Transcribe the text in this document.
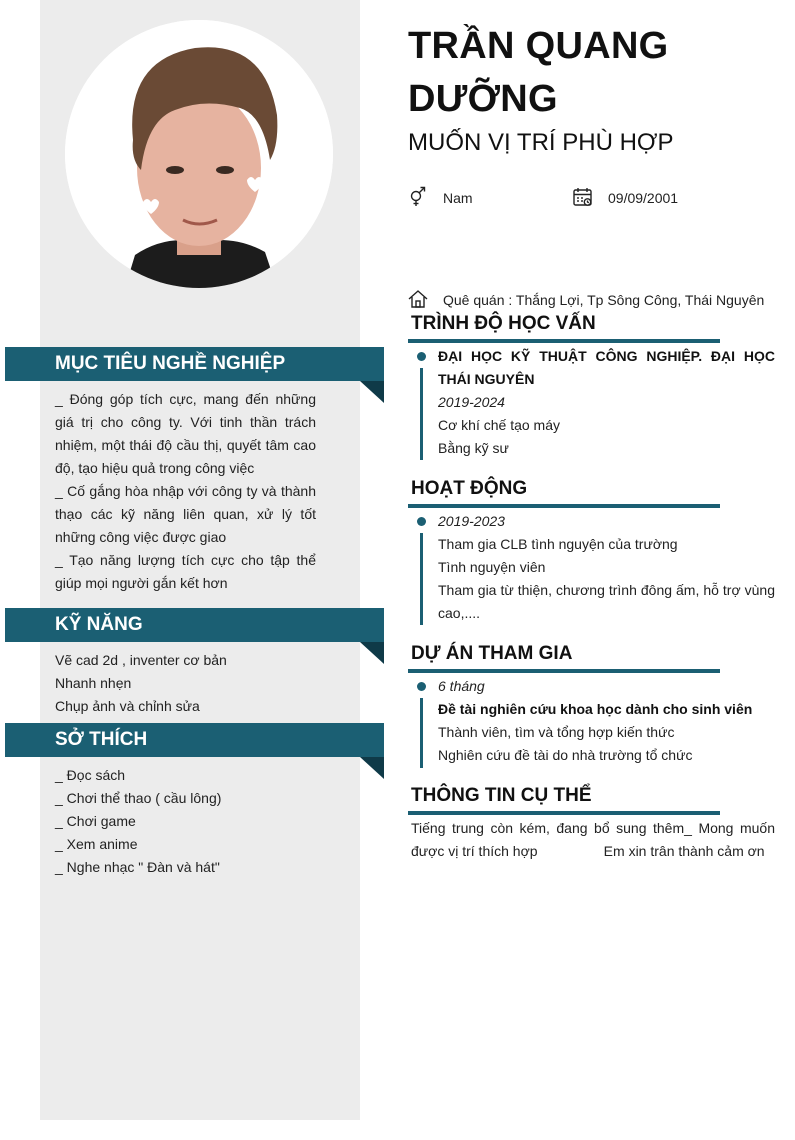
MỤC TIÊU NGHỀ NGHIỆP
_ Đóng góp tích cực, mang đến những giá trị cho công ty. Với tinh thần trách nhiệm, một thái độ cầu thị, quyết tâm cao độ, tạo hiệu quả trong công việc
_ Cố gắng hòa nhập với công ty và thành thạo các kỹ năng liên quan, xử lý tốt những công việc được giao
_ Tạo năng lượng tích cực cho tập thể giúp mọi người gắn kết hơn
KỸ NĂNG
Vẽ cad 2d , inventer cơ bản
Nhanh nhẹn
Chụp ảnh và chỉnh sửa
SỞ THÍCH
_ Đọc sách
_ Chơi thể thao ( cầu lông)
_ Chơi game
_ Xem anime
_ Nghe nhạc " Đàn và hát"
TRẦN QUANG DƯỠNG
MUỐN VỊ TRÍ PHÙ HỢP
Nam	09/09/2001
Quê quán : Thắng Lợi, Tp Sông Công, Thái Nguyên
TRÌNH ĐỘ HỌC VẤN
ĐẠI HỌC KỸ THUẬT CÔNG NGHIỆP. ĐẠI HỌC THÁI NGUYÊN
2019-2024
Cơ khí chế tạo máy
Bằng kỹ sư
HOẠT ĐỘNG
2019-2023
Tham gia CLB tình nguyện của trường
Tình nguyện viên
Tham gia từ thiện, chương trình đông ấm, hỗ trợ vùng cao,....
DỰ ÁN THAM GIA
6 tháng
Đề tài nghiên cứu khoa học dành cho sinh viên
Thành viên, tìm và tổng hợp kiến thức
Nghiên cứu đề tài do nhà trường tổ chức
THÔNG TIN CỤ THỂ
Tiếng trung còn kém, đang bổ sung thêm_ Mong muốn được vị trí thích hợp                 Em xin trân thành cảm ơn
